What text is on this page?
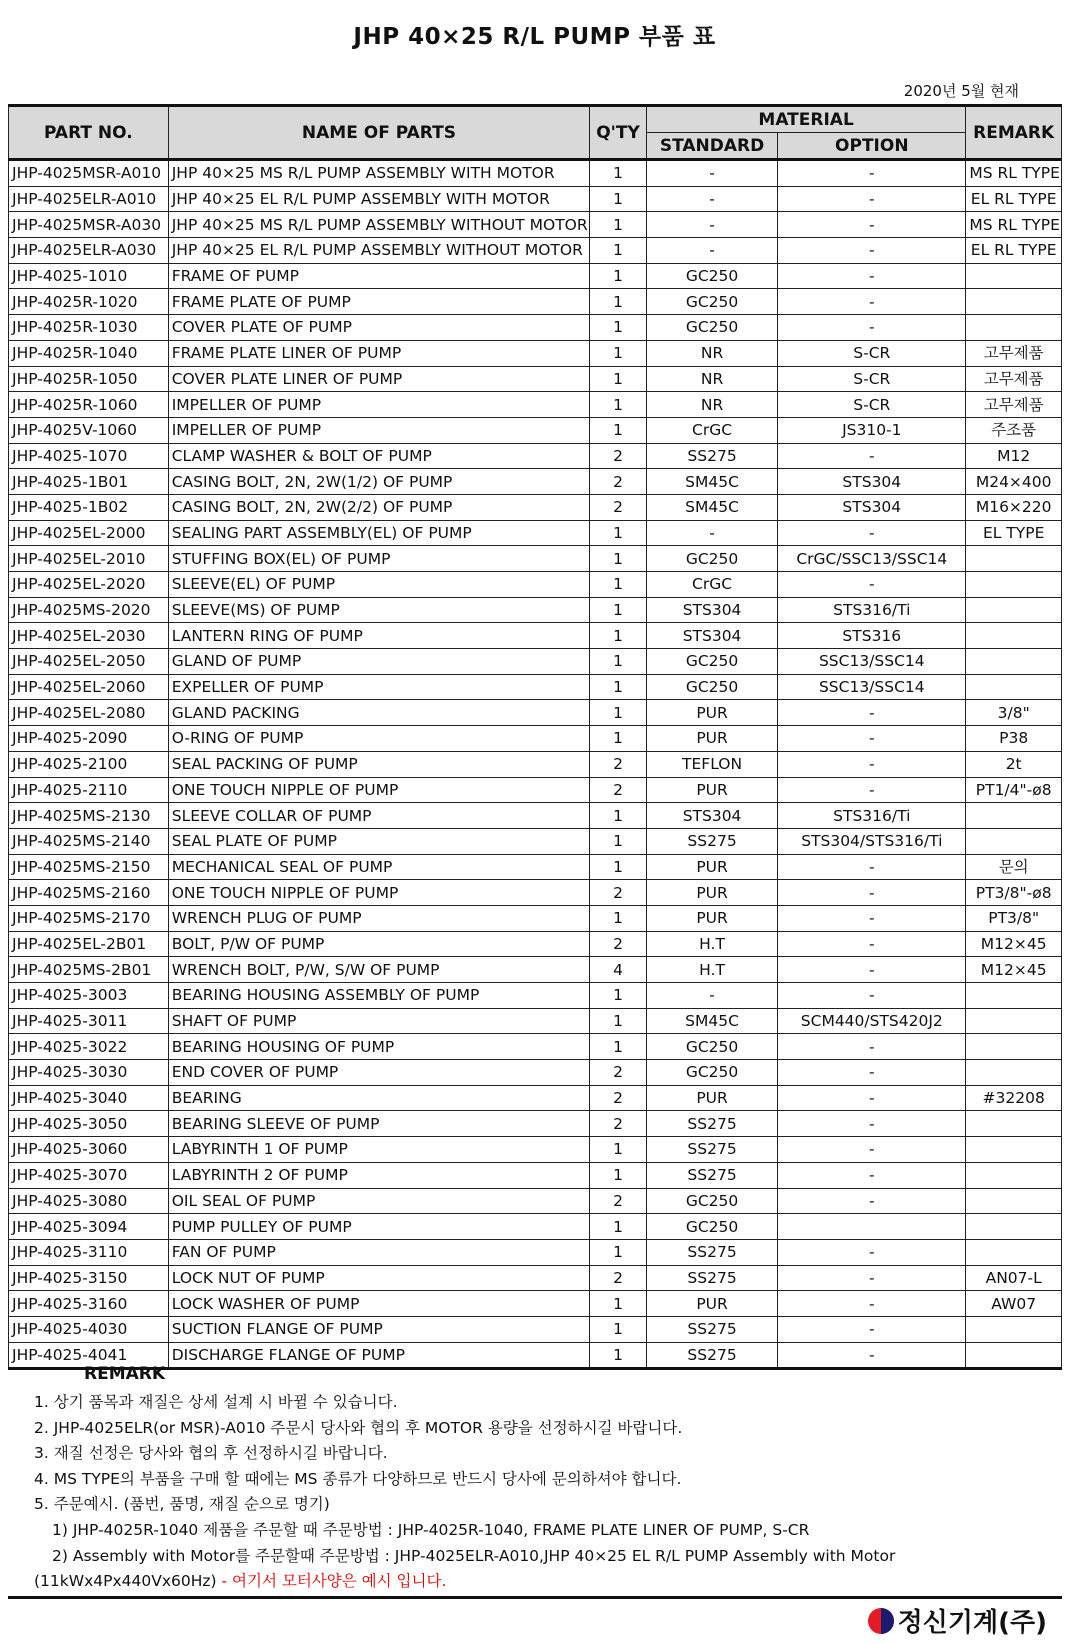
JHP 40×25 R/L PUMP 부품 표
2020년 5월 현재
PART NO.	NAME OF PARTS	Q'TY	MATERIAL		REMARK
			STANDARD	OPTION	
JHP-4025MSR-A010	JHP 40×25 MS R/L PUMP ASSEMBLY WITH MOTOR	1	-	-	MS RL TYPE
JHP-4025ELR-A010	JHP 40×25 EL R/L PUMP ASSEMBLY WITH MOTOR	1	-	-	EL RL TYPE
JHP-4025MSR-A030	JHP 40×25 MS R/L PUMP ASSEMBLY WITHOUT MOTOR	1	-	-	MS RL TYPE
JHP-4025ELR-A030	JHP 40×25 EL R/L PUMP ASSEMBLY WITHOUT MOTOR	1	-	-	EL RL TYPE
JHP-4025-1010	FRAME OF PUMP	1	GC250	-	
JHP-4025R-1020	FRAME PLATE OF PUMP	1	GC250	-	
JHP-4025R-1030	COVER PLATE OF PUMP	1	GC250	-	
JHP-4025R-1040	FRAME PLATE LINER OF PUMP	1	NR	S-CR	고무제품
JHP-4025R-1050	COVER PLATE LINER OF PUMP	1	NR	S-CR	고무제품
JHP-4025R-1060	IMPELLER OF PUMP	1	NR	S-CR	고무제품
JHP-4025V-1060	IMPELLER OF PUMP	1	CrGC	JS310-1	주조품
JHP-4025-1070	CLAMP WASHER & BOLT OF PUMP	2	SS275	-	M12
JHP-4025-1B01	CASING BOLT, 2N, 2W(1/2) OF PUMP	2	SM45C	STS304	M24×400
JHP-4025-1B02	CASING BOLT, 2N, 2W(2/2) OF PUMP	2	SM45C	STS304	M16×220
JHP-4025EL-2000	SEALING PART ASSEMBLY(EL) OF PUMP	1	-	-	EL TYPE
JHP-4025EL-2010	STUFFING BOX(EL) OF PUMP	1	GC250	CrGC/SSC13/SSC14	
JHP-4025EL-2020	SLEEVE(EL) OF PUMP	1	CrGC	-	
JHP-4025MS-2020	SLEEVE(MS) OF PUMP	1	STS304	STS316/Ti	
JHP-4025EL-2030	LANTERN RING OF PUMP	1	STS304	STS316	
JHP-4025EL-2050	GLAND OF PUMP	1	GC250	SSC13/SSC14	
JHP-4025EL-2060	EXPELLER OF PUMP	1	GC250	SSC13/SSC14	
JHP-4025EL-2080	GLAND PACKING	1	PUR	-	3/8"
JHP-4025-2090	O-RING OF PUMP	1	PUR	-	P38
JHP-4025-2100	SEAL PACKING OF PUMP	2	TEFLON	-	2t
JHP-4025-2110	ONE TOUCH NIPPLE OF PUMP	2	PUR	-	PT1/4"-ø8
JHP-4025MS-2130	SLEEVE COLLAR OF PUMP	1	STS304	STS316/Ti	
JHP-4025MS-2140	SEAL PLATE OF PUMP	1	SS275	STS304/STS316/Ti	
JHP-4025MS-2150	MECHANICAL SEAL OF PUMP	1	PUR	-	문의
JHP-4025MS-2160	ONE TOUCH NIPPLE OF PUMP	2	PUR	-	PT3/8"-ø8
JHP-4025MS-2170	WRENCH PLUG OF PUMP	1	PUR	-	PT3/8"
JHP-4025EL-2B01	BOLT, P/W OF PUMP	2	H.T	-	M12×45
JHP-4025MS-2B01	WRENCH BOLT, P/W, S/W OF PUMP	4	H.T	-	M12×45
JHP-4025-3003	BEARING HOUSING ASSEMBLY OF PUMP	1	-	-	
JHP-4025-3011	SHAFT OF PUMP	1	SM45C	SCM440/STS420J2	
JHP-4025-3022	BEARING HOUSING OF PUMP	1	GC250	-	
JHP-4025-3030	END COVER OF PUMP	2	GC250	-	
JHP-4025-3040	BEARING	2	PUR	-	#32208
JHP-4025-3050	BEARING SLEEVE OF PUMP	2	SS275	-	
JHP-4025-3060	LABYRINTH 1 OF PUMP	1	SS275	-	
JHP-4025-3070	LABYRINTH 2 OF PUMP	1	SS275	-	
JHP-4025-3080	OIL SEAL OF PUMP	2	GC250	-	
JHP-4025-3094	PUMP PULLEY OF PUMP	1	GC250		
JHP-4025-3110	FAN OF PUMP	1	SS275	-	
JHP-4025-3150	LOCK NUT OF PUMP	2	SS275	-	AN07-L
JHP-4025-3160	LOCK WASHER OF PUMP	1	PUR	-	AW07
JHP-4025-4030	SUCTION FLANGE OF PUMP	1	SS275	-	
JHP-4025-4041	DISCHARGE FLANGE OF PUMP	1	SS275	-	
REMARK
1. 상기 품목과 재질은 상세 설계 시 바뀔 수 있습니다.
2. JHP-4025ELR(or MSR)-A010 주문시 당사와 협의 후 MOTOR 용량을 선정하시길 바랍니다.
3. 재질 선정은 당사와 협의 후 선정하시길 바랍니다.
4. MS TYPE의 부품을 구매 할 때에는 MS 종류가 다양하므로 반드시 당사에 문의하셔야 합니다.
5. 주문예시. (품번, 품명, 재질 순으로 명기)
1) JHP-4025R-1040 제품을 주문할 때 주문방법 : JHP-4025R-1040, FRAME PLATE LINER OF PUMP, S-CR
2) Assembly with Motor를 주문할때 주문방법 : JHP-4025ELR-A010,JHP 40×25 EL R/L PUMP Assembly with Motor
(11kWx4Px440Vx60Hz) - 여기서 모터사양은 예시 입니다.
정신기계(주)
